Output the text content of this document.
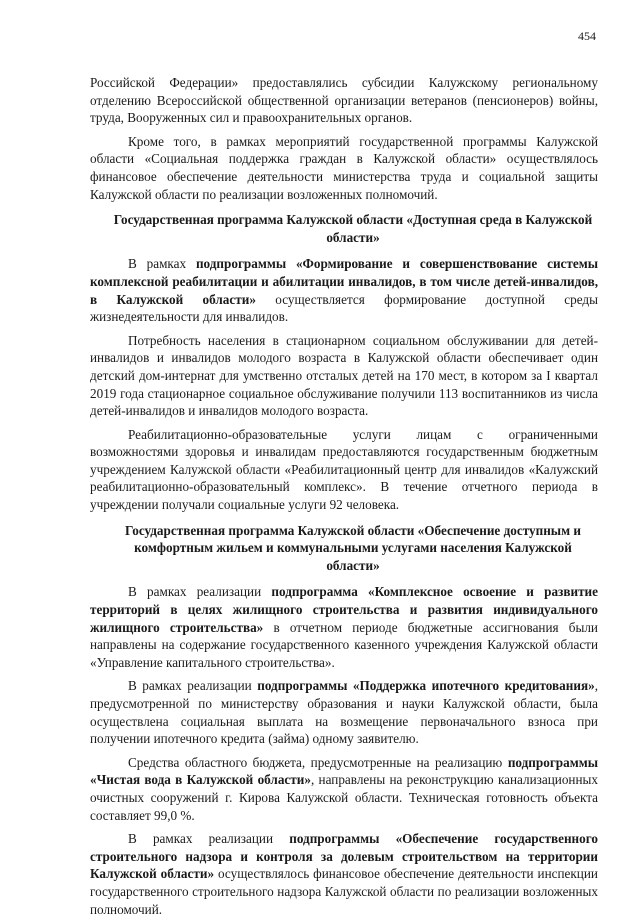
454

Российской Федерации» предоставлялись субсидии Калужскому региональному отделению Всероссийской общественной организации ветеранов (пенсионеров) войны, труда, Вооруженных сил и правоохранительных органов.

Кроме того, в рамках мероприятий государственной программы Калужской области «Социальная поддержка граждан в Калужской области» осуществлялось финансовое обеспечение деятельности министерства труда и социальной защиты Калужской области по реализации возложенных полномочий.

Государственная программа Калужской области «Доступная среда в Калужской области»

В рамках подпрограммы «Формирование и совершенствование системы комплексной реабилитации и абилитации инвалидов, в том числе детей-инвалидов, в Калужской области» осуществляется формирование доступной среды жизнедеятельности для инвалидов.

Потребность населения в стационарном социальном обслуживании для детей-инвалидов и инвалидов молодого возраста в Калужской области обеспечивает один детский дом-интернат для умственно отсталых детей на 170 мест, в котором за I квартал 2019 года стационарное социальное обслуживание получили 113 воспитанников из числа детей-инвалидов и инвалидов молодого возраста.

Реабилитационно-образовательные услуги лицам с ограниченными возможностями здоровья и инвалидам предоставляются государственным бюджетным учреждением Калужской области «Реабилитационный центр для инвалидов «Калужский реабилитационно-образовательный комплекс». В течение отчетного периода в учреждении получали социальные услуги 92 человека.

Государственная программа Калужской области «Обеспечение доступным и комфортным жильем и коммунальными услугами населения Калужской области»

В рамках реализации подпрограмма «Комплексное освоение и развитие территорий в целях жилищного строительства и развития индивидуального жилищного строительства» в отчетном периоде бюджетные ассигнования были направлены на содержание государственного казенного учреждения Калужской области «Управление капитального строительства».

В рамках реализации подпрограммы «Поддержка ипотечного кредитования», предусмотренной по министерству образования и науки Калужской области, была осуществлена социальная выплата на возмещение первоначального взноса при получении ипотечного кредита (займа) одному заявителю.

Средства областного бюджета, предусмотренные на реализацию подпрограммы «Чистая вода в Калужской области», направлены на реконструкцию канализационных очистных сооружений г. Кирова Калужской области. Техническая готовность объекта составляет 99,0 %.

В рамках реализации подпрограммы «Обеспечение государственного строительного надзора и контроля за долевым строительством на территории Калужской области» осуществлялось финансовое обеспечение деятельности инспекции государственного строительного надзора Калужской области по реализации возложенных полномочий.
